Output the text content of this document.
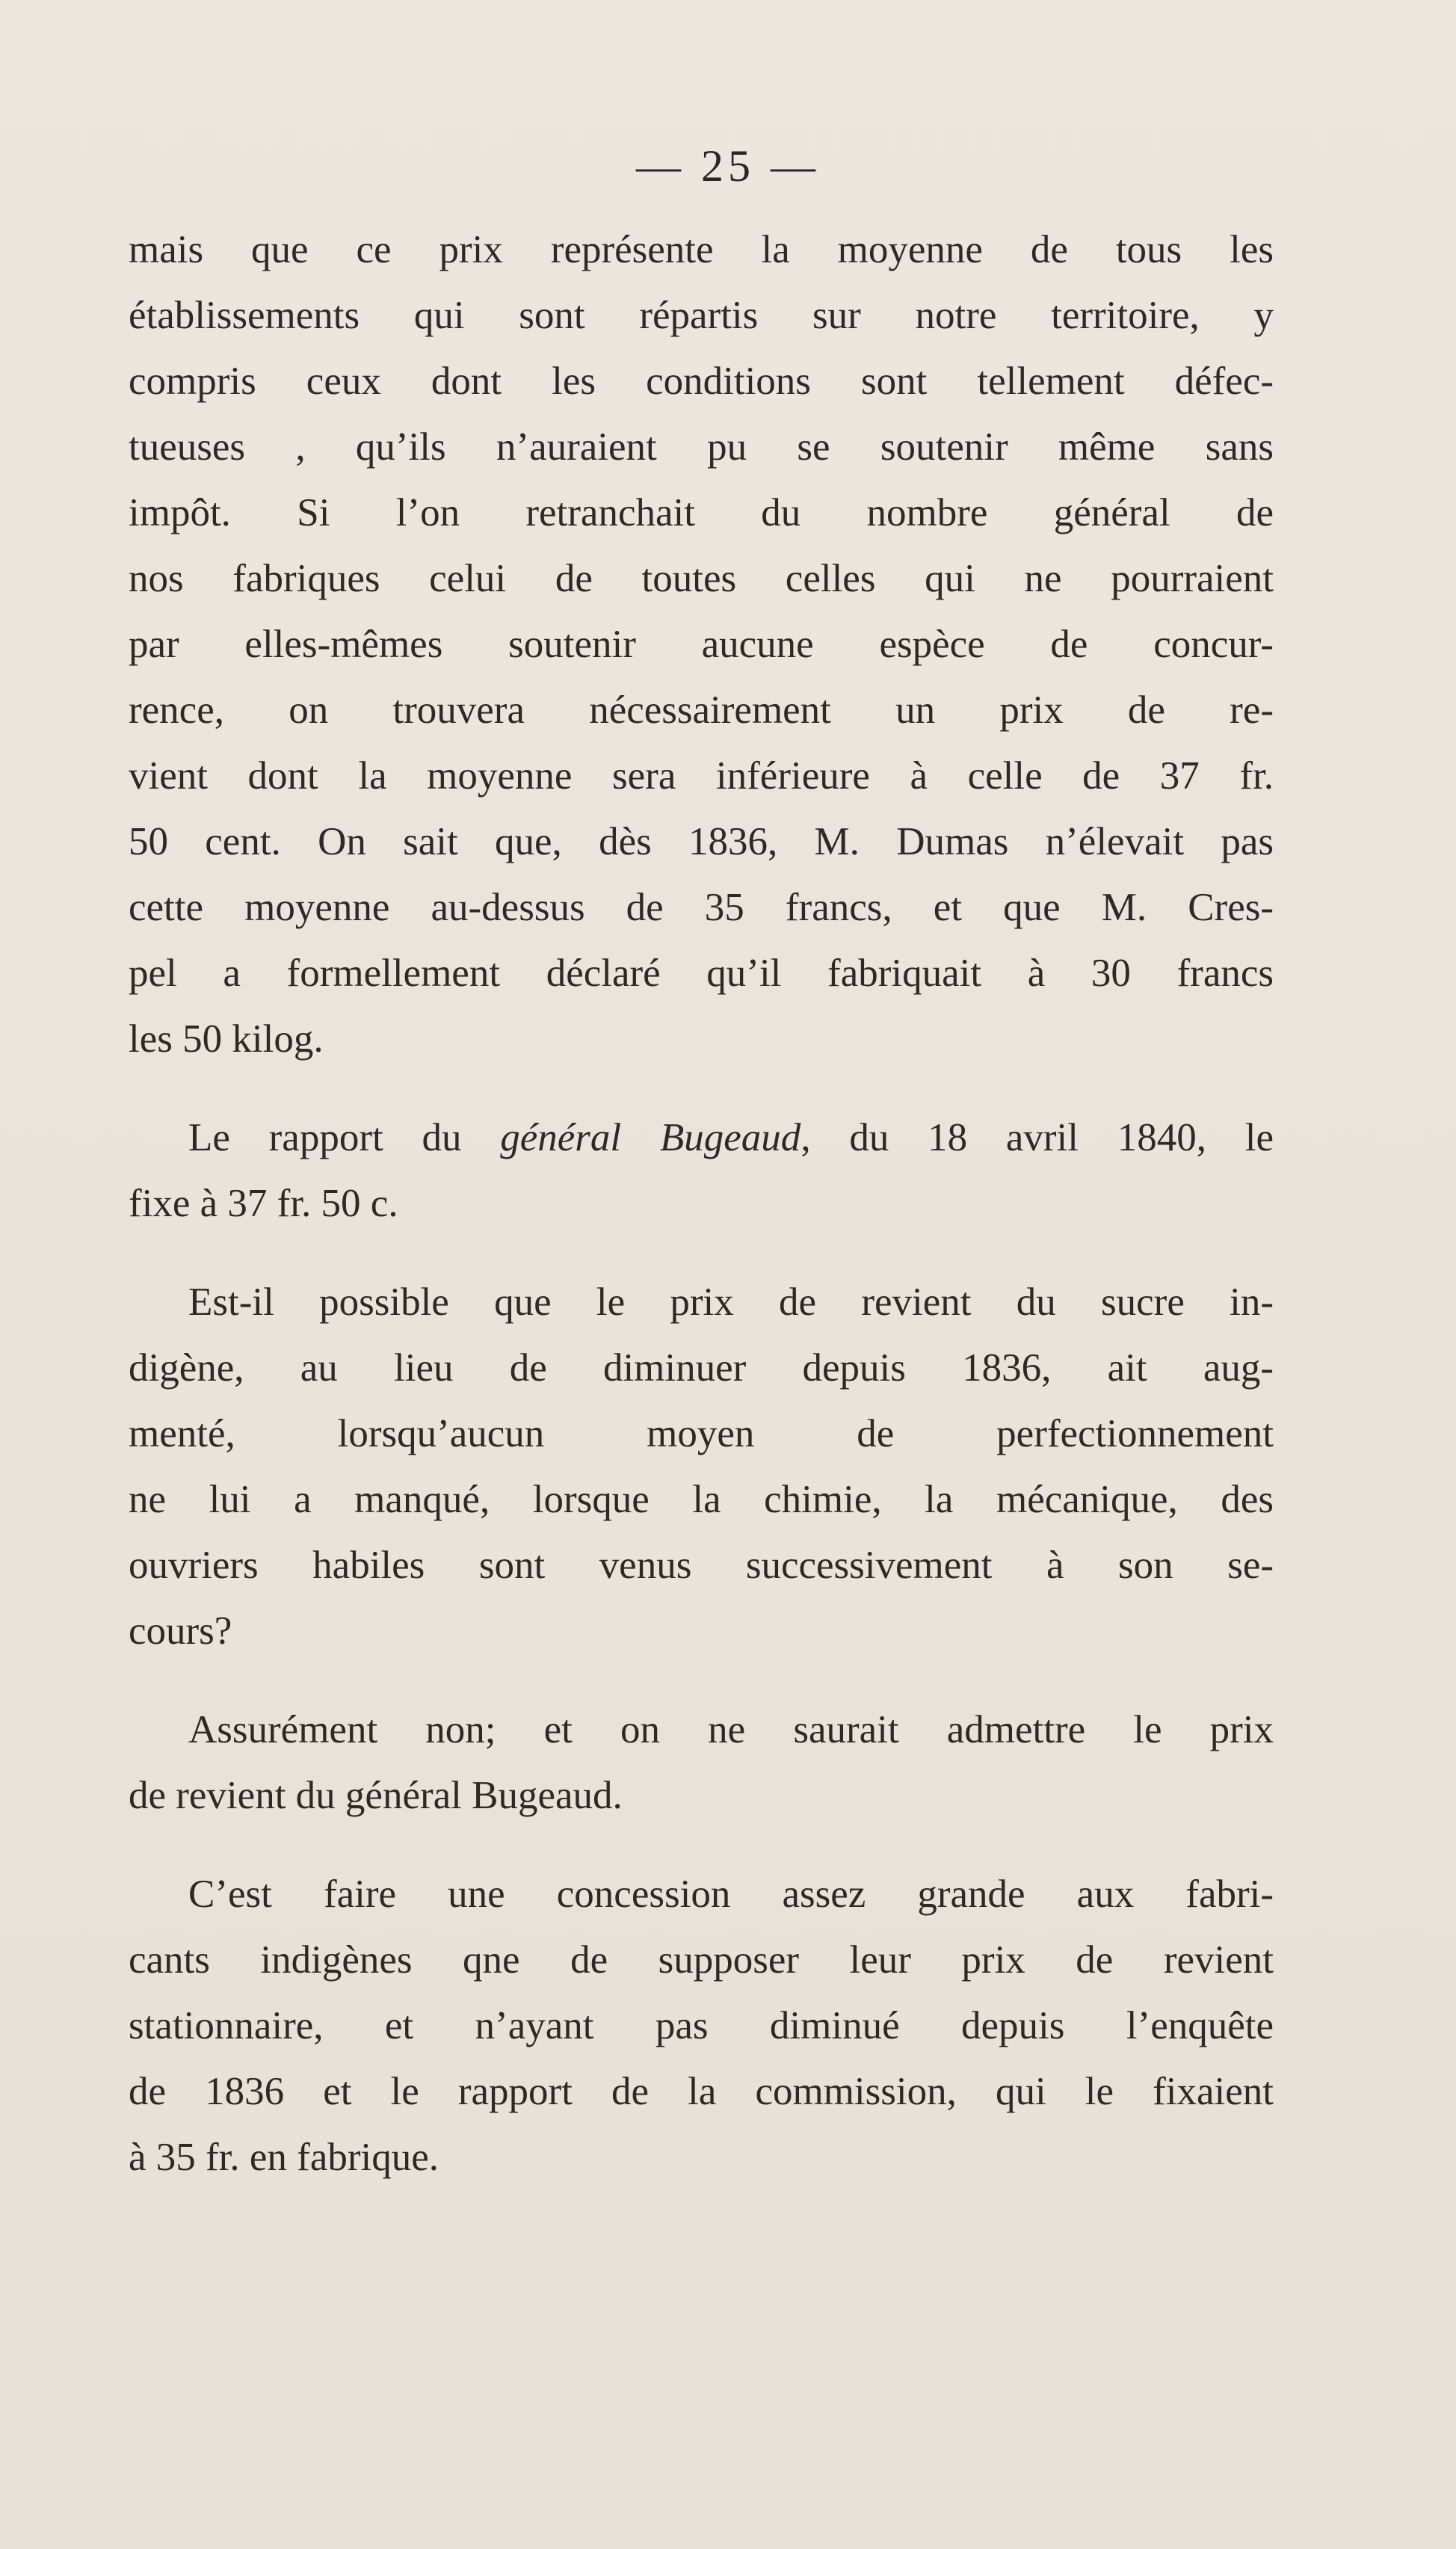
— 25 —
mais que ce prix représente la moyenne de tous les
établissements qui sont répartis sur notre territoire, y
compris ceux dont les conditions sont tellement défec-
tueuses , qu’ils n’auraient pu se soutenir même sans
impôt. Si l’on retranchait du nombre général de
nos fabriques celui de toutes celles qui ne pourraient
par elles-mêmes soutenir aucune espèce de concur-
rence, on trouvera nécessairement un prix de re-
vient dont la moyenne sera inférieure à celle de 37 fr.
50 cent. On sait que, dès 1836, M. Dumas n’élevait pas
cette moyenne au-dessus de 35 francs, et que M. Cres-
pel a formellement déclaré qu’il fabriquait à 30 francs
les 50 kilog.
Le rapport du général Bugeaud, du 18 avril 1840, le
fixe à 37 fr. 50 c.
Est-il possible que le prix de revient du sucre in-
digène, au lieu de diminuer depuis 1836, ait aug-
menté, lorsqu’aucun moyen de perfectionnement
ne lui a manqué, lorsque la chimie, la mécanique, des
ouvriers habiles sont venus successivement à son se-
cours?
Assurément non; et on ne saurait admettre le prix
de revient du général Bugeaud.
C’est faire une concession assez grande aux fabri-
cants indigènes qne de supposer leur prix de revient
stationnaire, et n’ayant pas diminué depuis l’enquête
de 1836 et le rapport de la commission, qui le fixaient
à 35 fr. en fabrique.
